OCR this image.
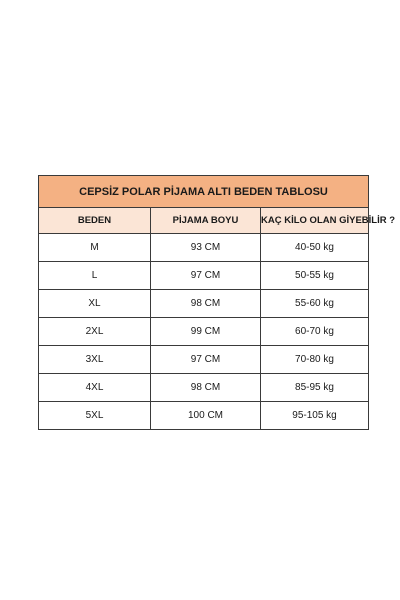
CEPSİZ POLAR PİJAMA ALTI BEDEN TABLOSU		
BEDEN	PİJAMA BOYU	KAÇ KİLO OLAN GİYEBİLİR ?
M	93 CM	40-50 kg
L	97 CM	50-55 kg
XL	98 CM	55-60 kg
2XL	99 CM	60-70 kg
3XL	97 CM	70-80 kg
4XL	98 CM	85-95 kg
5XL	100 CM	95-105 kg
